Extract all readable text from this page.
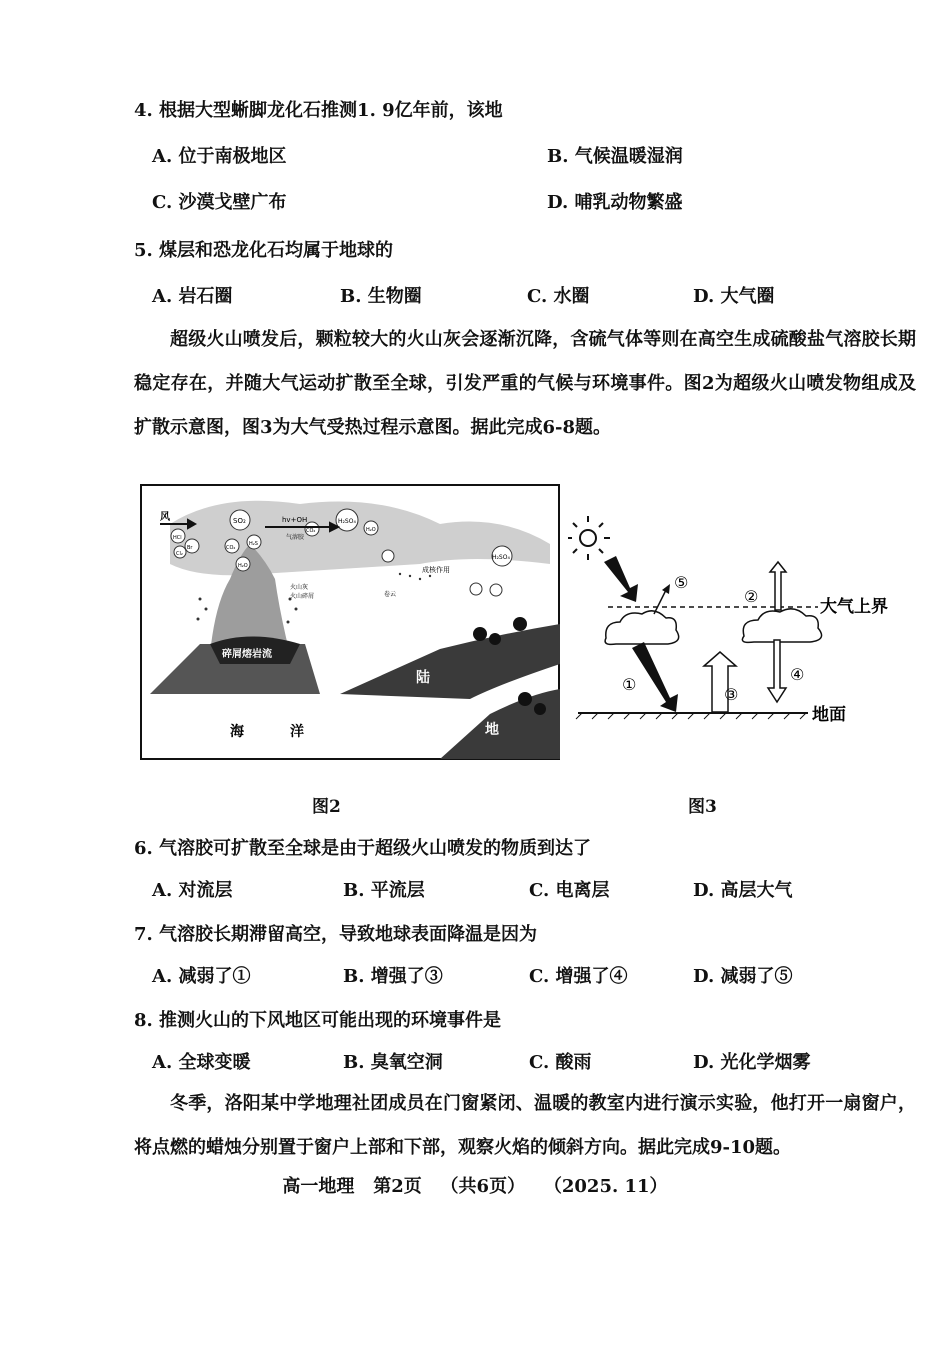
4. 根据大型蜥脚龙化石推测1. 9亿年前，该地
A. 位于南极地区	B. 气候温暖湿润
C. 沙漠戈壁广布	D. 哺乳动物繁盛
5. 煤层和恐龙化石均属于地球的
A. 岩石圈	B. 生物圈	C. 水圈	D. 大气圈
超级火山喷发后，颗粒较大的火山灰会逐渐沉降，含硫气体等则在高空生成硫酸盐气溶胶长期稳定存在，并随大气运动扩散至全球，引发严重的气候与环境事件。图2为超级火山喷发物组成及扩散示意图，图3为大气受热过程示意图。据此完成6-8题。
风
HCl
Br
Cl₂
CO₂
H₂S
H₂O
SO₂
CO₂
H₂SO₄
H₂O
hv+OH
气溶胶
成核作用
H₂SO₄
卷云
火山灰
火山碎屑
碎屑熔岩流
陆
地
河流
海	洋
图2
⑤
②
①
③
④
大气上界
地面
图3
6. 气溶胶可扩散至全球是由于超级火山喷发的物质到达了
A. 对流层	B. 平流层	C. 电离层	D. 高层大气
7. 气溶胶长期滞留高空，导致地球表面降温是因为
A. 减弱了①	B. 增强了③	C. 增强了④	D. 减弱了⑤
8. 推测火山的下风地区可能出现的环境事件是
A. 全球变暖	B. 臭氧空洞	C. 酸雨	D. 光化学烟雾
冬季，洛阳某中学地理社团成员在门窗紧闭、温暖的教室内进行演示实验，他打开一扇窗户，将点燃的蜡烛分别置于窗户上部和下部，观察火焰的倾斜方向。据此完成9-10题。
高一地理   第2页   （共6页）   （2025. 11）
